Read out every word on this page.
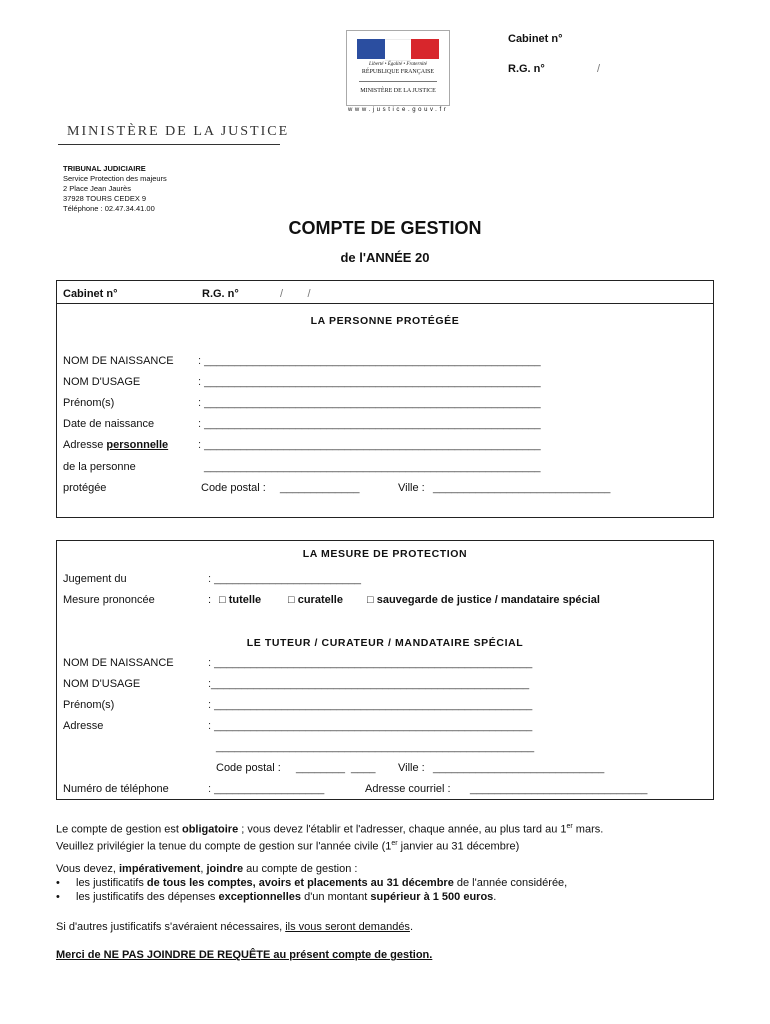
Liberté • Égalité • Fraternité
RÉPUBLIQUE FRANÇAISE
MINISTÈRE DE LA JUSTICE
www.justice.gouv.fr
Cabinet n°
R.G. n°	/
MINISTÈRE DE LA JUSTICE
TRIBUNAL JUDICIAIRE
Service Protection des majeurs
2 Place Jean Jaurès
37928 TOURS CEDEX 9
Téléphone : 02.47.34.41.00
COMPTE DE GESTION
de l'ANNÉE 20
Cabinet n°	R.G. n°	/        /
LA PERSONNE PROTÉGÉE
NOM DE NAISSANCE : _______________________________________________________
NOM D'USAGE	: _______________________________________________________
Prénom(s)	: _______________________________________________________
Date de naissance	: _______________________________________________________
Adresse personnelle	: _______________________________________________________
de la personne	_______________________________________________________
protégée	Code postal : _____________	Ville : _____________________________
LA MESURE DE PROTECTION
Jugement du	: ________________________
Mesure prononcée	: □ tutelle □ curatelle □ sauvegarde de justice / mandataire spécial
LE TUTEUR / CURATEUR / MANDATAIRE SPÉCIAL
NOM DE NAISSANCE	: ____________________________________________________
NOM D'USAGE	:____________________________________________________
Prénom(s)	: ____________________________________________________
Adresse	: ____________________________________________________
____________________________________________________
Code postal : ________  ____ Ville : ____________________________
Numéro de téléphone	: __________________	Adresse courriel : _____________________________
Le compte de gestion est obligatoire ; vous devez l'établir et l'adresser, chaque année, au plus tard au 1er mars.
Veuillez privilégier la tenue du compte de gestion sur l'année civile (1er janvier au 31 décembre)
Vous devez, impérativement, joindre au compte de gestion :
• les justificatifs de tous les comptes, avoirs et placements au 31 décembre de l'année considérée,
• les justificatifs des dépenses exceptionnelles d'un montant supérieur à 1 500 euros.
Si d'autres justificatifs s'avéraient nécessaires, ils vous seront demandés.
Merci de NE PAS JOINDRE DE REQUÊTE au présent compte de gestion.
